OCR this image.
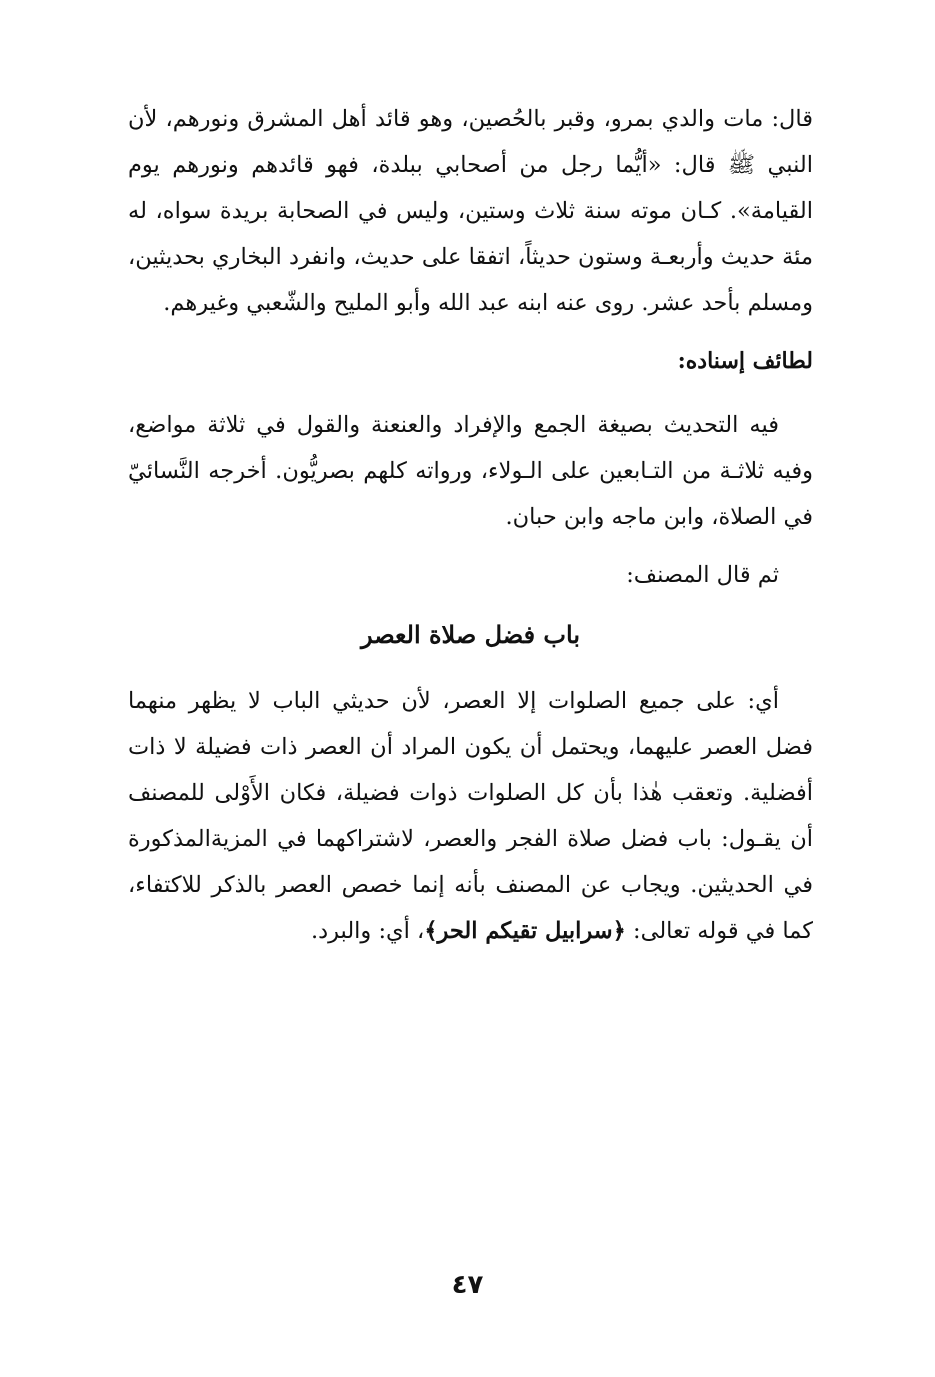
قال: مات والدي بمرو، وقبر بالحُصين، وهو قائد أهل المشرق ونورهم، لأن النبي ﷺ قال: «أيُّما رجل من أصحابي ببلدة، فهو قائدهم ونورهم يوم القيامة». كـان موته سنة ثلاث وستين، وليس في الصحابة بريدة سواه، له مئة حديث وأربعـة وستون حديثاً، اتفقا على حديث، وانفرد البخاري بحديثين، ومسلم بأحد عشر. روى عنه ابنه عبد الله وأبو المليح والشّعبي وغيرهم.

لطائف إسناده:

فيه التحديث بصيغة الجمع والإفراد والعنعنة والقول في ثلاثة مواضع، وفيه ثلاثـة من التـابعين على الـولاء، ورواته كلهم بصريُّون. أخرجه النَّسائيّ في الصلاة، وابن ماجه وابن حبان.

ثم قال المصنف:

باب فضل صلاة العصر

أي: على جميع الصلوات إلا العصر، لأن حديثي الباب لا يظهر منهما فضل العصر عليهما، ويحتمل أن يكون المراد أن العصر ذات فضيلة لا ذات أفضلية. وتعقب هٰذا بأن كل الصلوات ذوات فضيلة، فكان الأَوْلى للمصنف أن يقـول: باب فضل صلاة الفجر والعصر، لاشتراكهما في المزيةالمذكورة في الحديثين. ويجاب عن المصنف بأنه إنما خصص العصر بالذكر للاكتفاء، كما في قوله تعالى: ﴿سرابيل تقيكم الحر﴾، أي: والبرد.

٤٧
